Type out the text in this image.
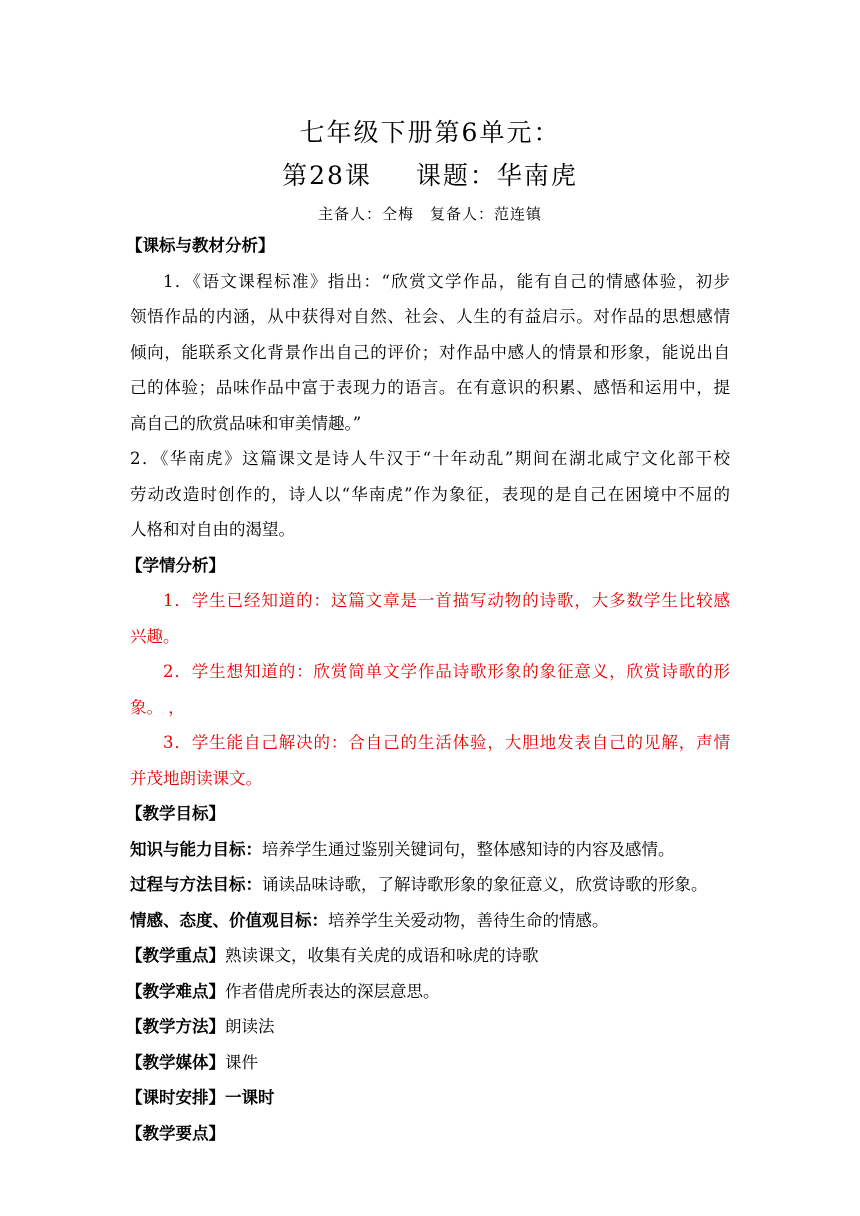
七年级下册第6单元：
第28课 课题：华南虎
主备人：仝梅 复备人：范连镇
【课标与教材分析】
1．《语文课程标准》指出：“欣赏文学作品，能有自己的情感体验，初步
领悟作品的内涵，从中获得对自然、社会、人生的有益启示。对作品的思想感情
倾向，能联系文化背景作出自己的评价；对作品中感人的情景和形象，能说出自
己的体验；品味作品中富于表现力的语言。在有意识的积累、感悟和运用中，提
高自己的欣赏品味和审美情趣。”
2．《华南虎》这篇课文是诗人牛汉于“十年动乱”期间在湖北咸宁文化部干校
劳动改造时创作的，诗人以“华南虎”作为象征，表现的是自己在困境中不屈的
人格和对自由的渴望。
【学情分析】
1．学生已经知道的：这篇文章是一首描写动物的诗歌，大多数学生比较感
兴趣。
2．学生想知道的：欣赏简单文学作品诗歌形象的象征意义，欣赏诗歌的形
象。 ，
3．学生能自己解决的：合自己的生活体验，大胆地发表自己的见解，声情
并茂地朗读课文。
【教学目标】
知识与能力目标：培养学生通过鉴别关键词句，整体感知诗的内容及感情。
过程与方法目标：诵读品味诗歌，了解诗歌形象的象征意义，欣赏诗歌的形象。
情感、态度、价值观目标：培养学生关爱动物，善待生命的情感。
【教学重点】熟读课文，收集有关虎的成语和咏虎的诗歌
【教学难点】作者借虎所表达的深层意思。
【教学方法】朗读法
【教学媒体】课件
【课时安排】一课时
【教学要点】
